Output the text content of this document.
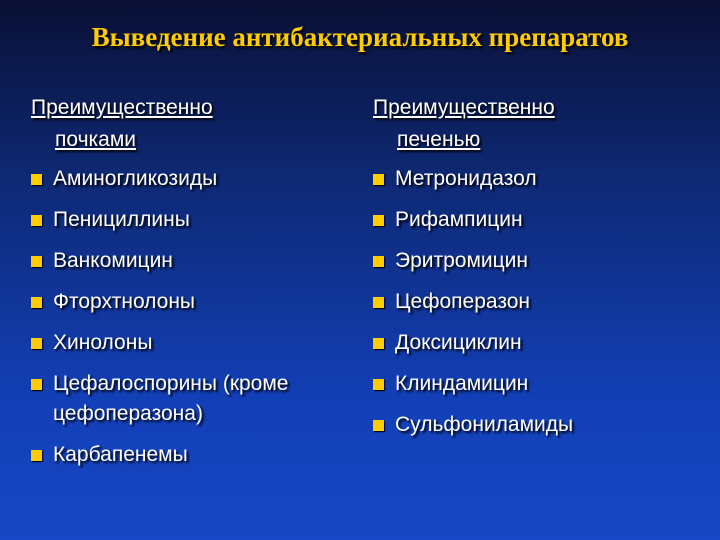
Выведение антибактериальных препаратов
Преимущественно
почками
Аминогликозиды
Пенициллины
Ванкомицин
Фторхтнолоны
Хинолоны
Цефалоспорины (кроме цефоперазона)
Карбапенемы
Преимущественно
печенью
Метронидазол
Рифампицин
Эритромицин
Цефоперазон
Доксициклин
Клиндамицин
Сульфониламиды
